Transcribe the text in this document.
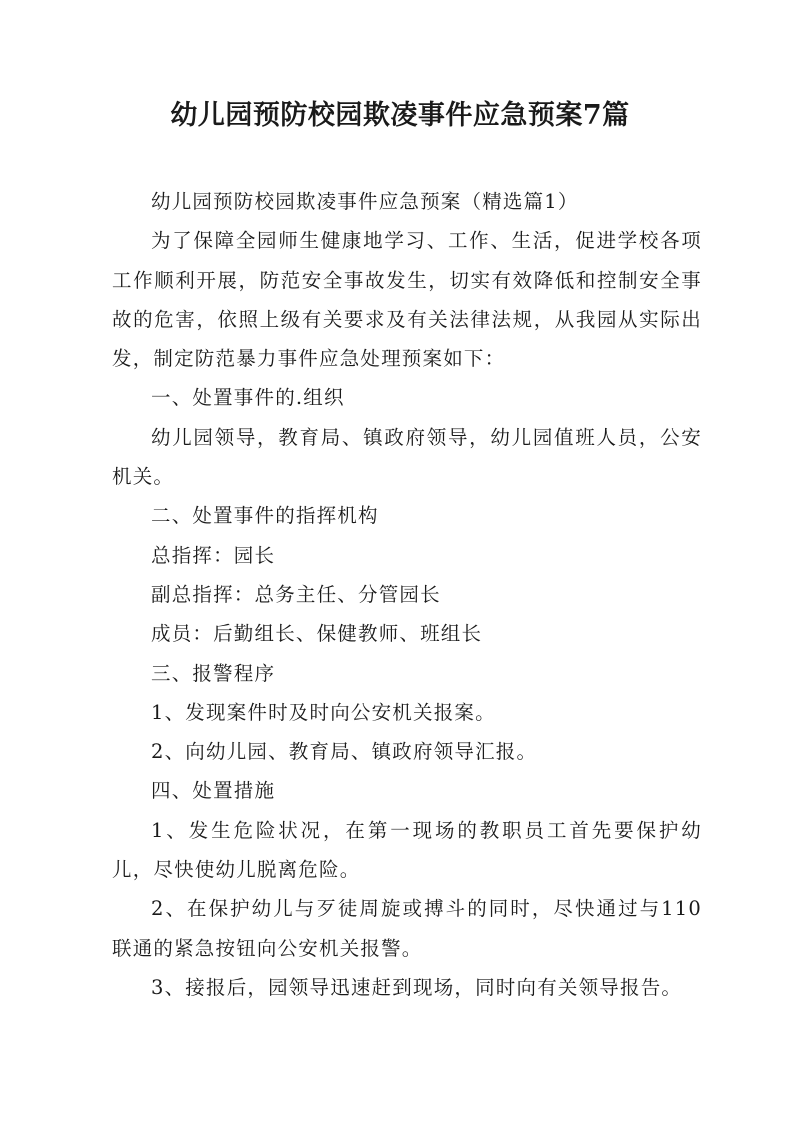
幼儿园预防校园欺凌事件应急预案7篇

幼儿园预防校园欺凌事件应急预案（精选篇1）

为了保障全园师生健康地学习、工作、生活，促进学校各项工作顺利开展，防范安全事故发生，切实有效降低和控制安全事故的危害，依照上级有关要求及有关法律法规，从我园从实际出发，制定防范暴力事件应急处理预案如下：

一、处置事件的.组织

幼儿园领导，教育局、镇政府领导，幼儿园值班人员，公安机关。

二、处置事件的指挥机构

总指挥：园长

副总指挥：总务主任、分管园长

成员：后勤组长、保健教师、班组长

三、报警程序

1、发现案件时及时向公安机关报案。

2、向幼儿园、教育局、镇政府领导汇报。

四、处置措施

1、发生危险状况，在第一现场的教职员工首先要保护幼儿，尽快使幼儿脱离危险。

2、在保护幼儿与歹徒周旋或搏斗的同时，尽快通过与110联通的紧急按钮向公安机关报警。

3、接报后，园领导迅速赶到现场，同时向有关领导报告。
